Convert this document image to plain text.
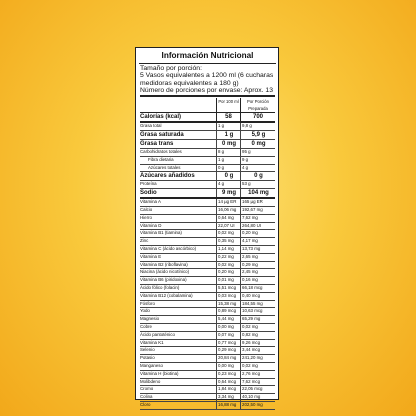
Información Nutricional
Tamaño por porción:
5 Vasos equivalentes a 1200 ml (6 cucharas
medidoras equivalentes a 180 g)
Número de porciones por envase: Aprox. 13
Por 100 ml	Por Porción Preparada
Calorías (kcal)	58	700
Grasa total	1 g	9,8 g
Grasa saturada	1 g	5,9 g
Grasa trans	0 mg	0 mg
Carbohidratos totales	8 g	95 g
Fibra dietaria	1 g	9 g
Azúcares totales	0 g	4 g
Azúcares añadidos	0 g	0 g
Proteína	4 g	53 g
Sodio	9 mg	104 mg
Vitamina A	14 µg ER	165 µg ER
Calcio	16,06 mg	192,67 mg
Hierro	0,64 mg	7,62 mg
Vitamina D	22,07 UI	264,80 UI
Vitamina B1 (tiamina)	0,02 mg	0,20 mg
Zinc	0,35 mg	4,17 mg
Vitamina C (ácido ascórbico)	1,14 mg	13,73 mg
Vitamina E	0,22 mg	2,65 mg
Vitamina B2 (riboflavina)	0,02 mg	0,29 mg
Niacina (ácido nicotínico)	0,20 mg	2,45 mg
Vitamina B6 (piridoxina)	0,01 mg	0,16 mg
Ácido fólico (folacin)	5,51 mcg	66,18 mcg
Vitamina B12 (cobalamina)	0,03 mcg	0,40 mcg
Fósforo	15,38 mg	184,55 mg
Yodo	0,89 mcg	10,63 mcg
Magnesio	5,44 mg	65,29 mg
Cobre	0,00 mg	0,02 mg
Ácido pantoténico	0,07 mg	0,82 mg
Vitamina K1	0,77 mcg	9,26 mcg
Selenio	0,29 mcg	3,44 mcg
Potasio	20,84 mg	241,20 mg
Manganeso	0,00 mg	0,02 mg
Vitamina H (biotina)	0,23 mcg	2,76 mcg
Molibdeno	0,64 mcg	7,62 mcg
Cromo	1,84 mcg	22,05 mcg
Colina	3,34 mg	40,10 mg
Cloro	16,88 mg	202,50 mg
